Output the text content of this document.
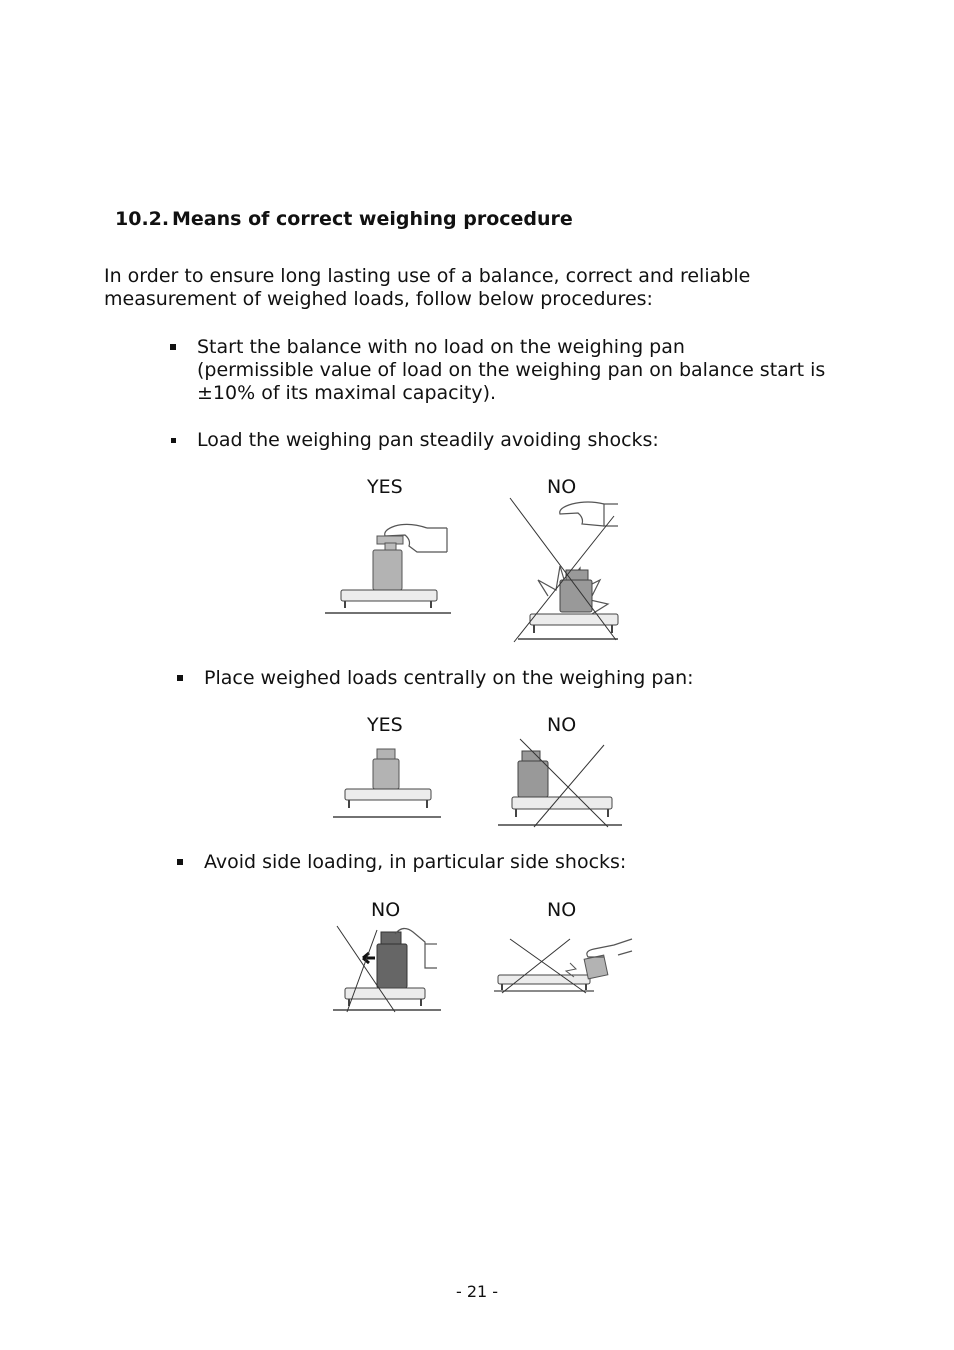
10.2. Means of correct weighing procedure
In order to ensure long lasting use of a balance, correct and reliable measurement of weighed loads, follow below procedures:
Start the balance with no load on the weighing pan
(permissible value of load on the weighing pan on balance start is
±10% of its maximal capacity).
Load the weighing pan steadily avoiding shocks:
YES	NO
Place weighed loads centrally on the weighing pan:
YES	NO
Avoid side loading, in particular side shocks:
NO	NO
- 21 -
